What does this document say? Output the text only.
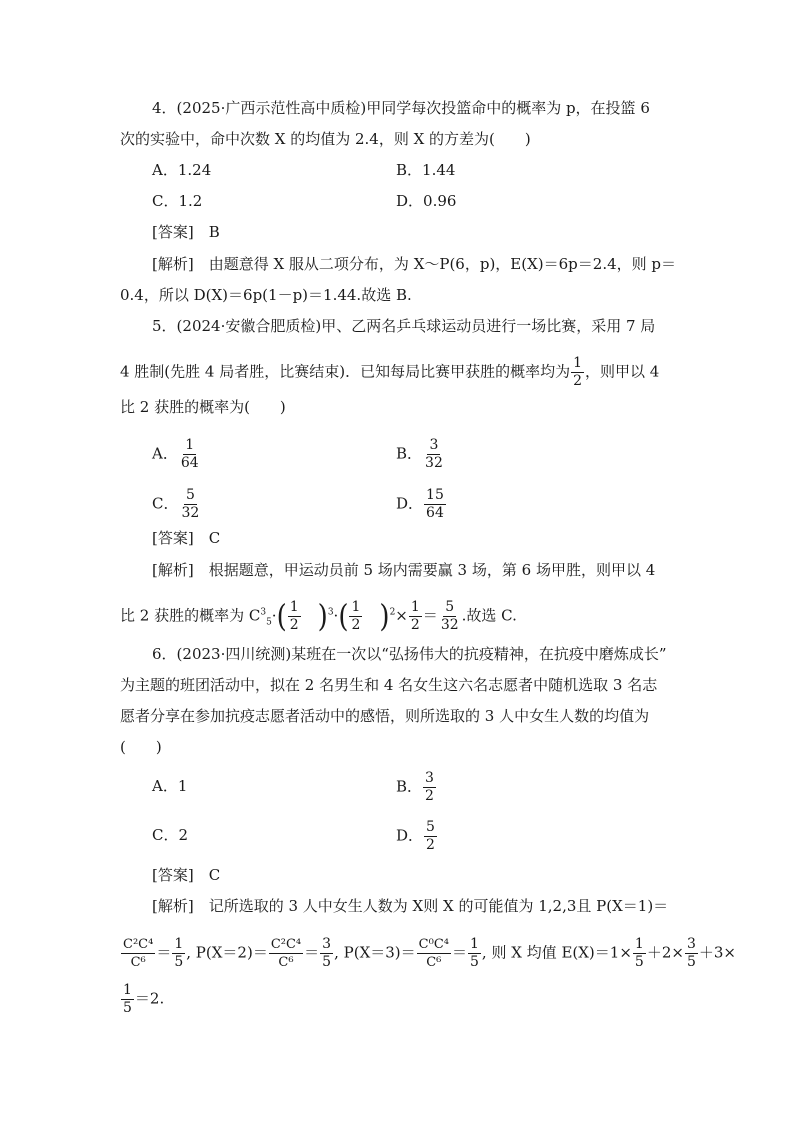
4．(2025·广西示范性高中质检)甲同学每次投篮命中的概率为 p，在投篮 6
次的实验中，命中次数 X 的均值为 2.4，则 X 的方差为(　　)
A．1.24	B．1.44
C．1.2	D．0.96
[答案]　B
[解析]　由题意得 X 服从二项分布，为 X～P(6，p)，E(X)＝6p＝2.4，则 p＝
0.4，所以 D(X)＝6p(1－p)＝1.44.故选 B.
5．(2024·安徽合肥质检)甲、乙两名乒乓球运动员进行一场比赛，采用 7 局
4 胜制(先胜 4 局者胜，比赛结束)．已知每局比赛甲获胜的概率均为 $\frac{1}{2}$ ，则甲以 4
比 2 获胜的概率为(　　)
A． $\frac{1}{64}$	B． $\frac{3}{32}$
C． $\frac{5}{32}$	D． $\frac{15}{64}$
[答案]　C
[解析]　根据题意，甲运动员前 5 场内需要赢 3 场，第 6 场甲胜，则甲以 4
比 2 获胜的概率为 $C^3_5\cdot( \frac{1}{2} )^3\cdot( \frac{1}{2} )^2\times \frac{1}{2} = \frac{5}{32}$ .故选 C.
6．(2023·四川统测)某班在一次以“弘扬伟大的抗疫精神，在抗疫中磨炼成长”
为主题的班团活动中，拟在 2 名男生和 4 名女生这六名志愿者中随机选取 3 名志
愿者分享在参加抗疫志愿者活动中的感悟，则所选取的 3 人中女生人数的均值为
(　　)
A．1	B． $\frac{3}{2}$
C．2	D． $\frac{5}{2}$
[答案]　C
[解析]　记所选取的 3 人中女生人数为 X则 X 的可能值为 1,2,3且 P(X＝1)＝
$\frac{\text{C²C⁴}}{\text{C⁶}} = \frac{1}{5}$ , $P(X=2)= \frac{\text{C²C⁴}}{\text{C⁶}} = \frac{3}{5}$ , $P(X=3)= \frac{\text{C⁰C⁴}}{\text{C⁶}} = \frac{1}{5}$ , 则 X 均值 $E(X)=1\times \frac{1}{5} +2\times \frac{3}{5} +3\times$
$\frac{1}{5} =2$.
